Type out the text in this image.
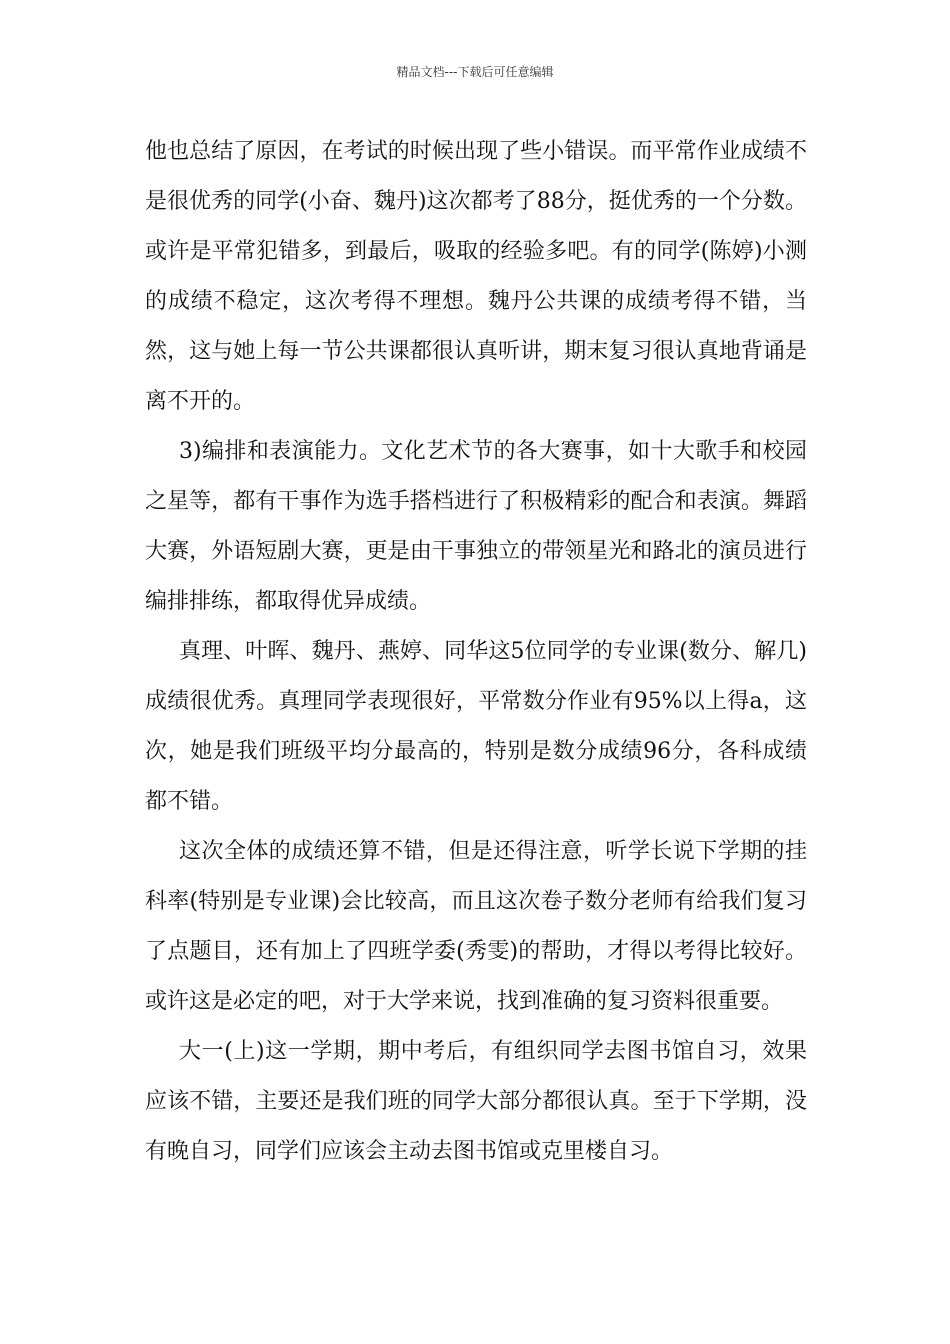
精品文档---下载后可任意编辑

他也总结了原因，在考试的时候出现了些小错误。而平常作业成绩不是很优秀的同学(小奋、魏丹)这次都考了88分，挺优秀的一个分数。或许是平常犯错多，到最后，吸取的经验多吧。有的同学(陈婷)小测的成绩不稳定，这次考得不理想。魏丹公共课的成绩考得不错，当然，这与她上每一节公共课都很认真听讲，期末复习很认真地背诵是离不开的。

3)编排和表演能力。文化艺术节的各大赛事，如十大歌手和校园之星等，都有干事作为选手搭档进行了积极精彩的配合和表演。舞蹈大赛，外语短剧大赛，更是由干事独立的带领星光和路北的演员进行编排排练，都取得优异成绩。

真理、叶晖、魏丹、燕婷、同华这5位同学的专业课(数分、解几)成绩很优秀。真理同学表现很好，平常数分作业有95%以上得a，这次，她是我们班级平均分最高的，特别是数分成绩96分，各科成绩都不错。

这次全体的成绩还算不错，但是还得注意，听学长说下学期的挂科率(特别是专业课)会比较高，而且这次卷子数分老师有给我们复习了点题目，还有加上了四班学委(秀雯)的帮助，才得以考得比较好。或许这是必定的吧，对于大学来说，找到准确的复习资料很重要。

大一(上)这一学期，期中考后，有组织同学去图书馆自习，效果应该不错，主要还是我们班的同学大部分都很认真。至于下学期，没有晚自习，同学们应该会主动去图书馆或克里楼自习。
